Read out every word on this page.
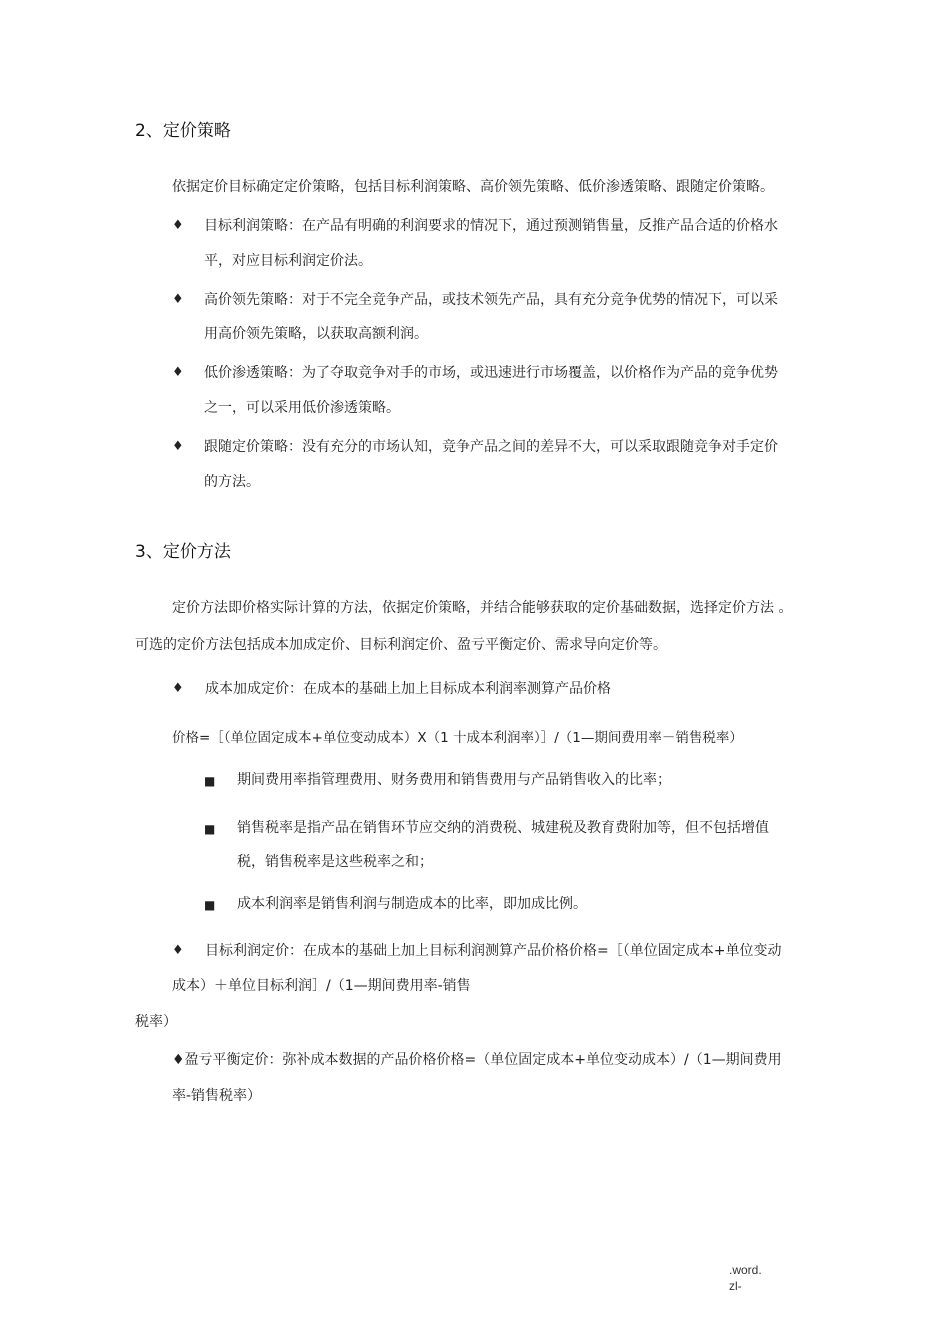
2、定价策略
依据定价目标确定定价策略，包括目标利润策略、高价领先策略、低价渗透策略、跟随定价策略。
♦ 目标利润策略：在产品有明确的利润要求的情况下，通过预测销售量，反推产品合适的价格水
平，对应目标利润定价法。
♦ 高价领先策略：对于不完全竞争产品，或技术领先产品，具有充分竞争优势的情况下，可以采
用高价领先策略，以获取高额利润。
♦ 低价渗透策略：为了夺取竞争对手的市场，或迅速进行市场覆盖，以价格作为产品的竞争优势
之一，可以采用低价渗透策略。
♦ 跟随定价策略：没有充分的市场认知，竞争产品之间的差异不大，可以采取跟随竞争对手定价
的方法。
3、定价方法
定价方法即价格实际计算的方法，依据定价策略，并结合能够获取的定价基础数据，选择定价方法 。
可选的定价方法包括成本加成定价、目标利润定价、盈亏平衡定价、需求导向定价等。
♦ 成本加成定价：在成本的基础上加上目标成本利润率测算产品价格
价格=［（单位固定成本+单位变动成本）X（1 十成本利润率）］/（1—期间费用率－销售税率）
■ 期间费用率指管理费用、财务费用和销售费用与产品销售收入的比率；
■ 销售税率是指产品在销售环节应交纳的消费税、城建税及教育费附加等，但不包括增值
税，销售税率是这些税率之和；
■ 成本利润率是销售利润与制造成本的比率，即加成比例。
♦ 目标利润定价：在成本的基础上加上目标利润测算产品价格价格=［（单位固定成本+单位变动
成本）＋单位目标利润］/（1—期间费用率-销售
税率）
♦盈亏平衡定价：弥补成本数据的产品价格价格=（单位固定成本+单位变动成本）/（1—期间费用
率-销售税率）
.word.
zl-
